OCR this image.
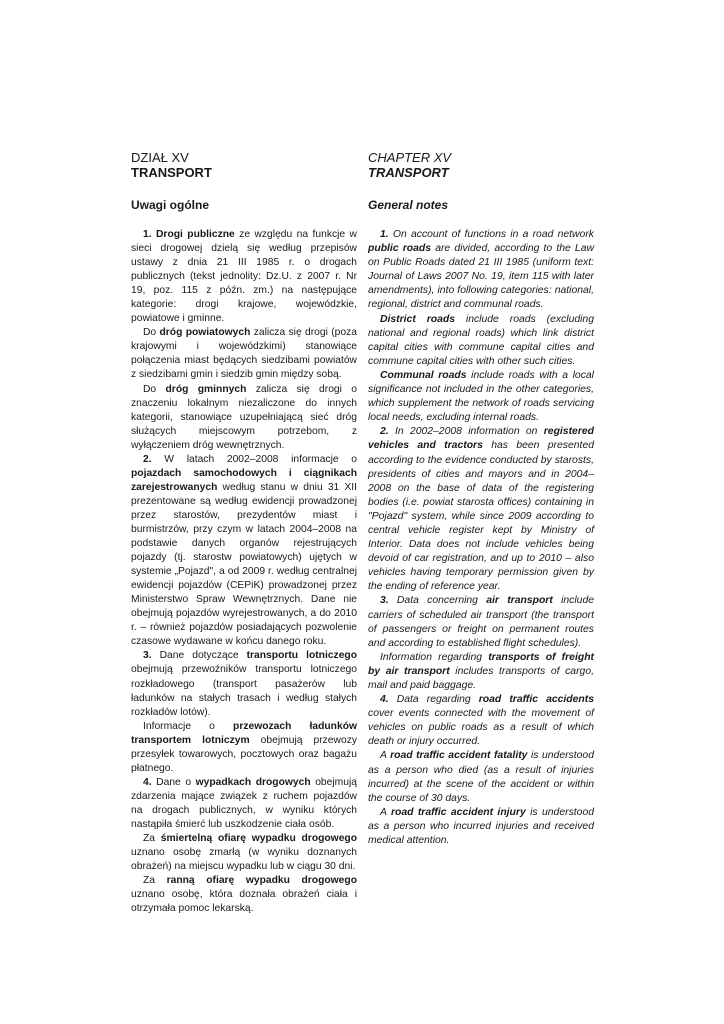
DZIAŁ XV

TRANSPORT

Uwagi ogólne

1. Drogi publiczne ze względu na funkcje w sieci drogowej dzielą się według przepisów ustawy z dnia 21 III 1985 r. o drogach publicznych (tekst jednolity: Dz.U. z 2007 r. Nr 19, poz. 115 z późn. zm.) na następujące kategorie: drogi krajowe, wojewódzkie, powiatowe i gminne.

Do dróg powiatowych zalicza się drogi (poza krajowymi i wojewódzkimi) stanowiące połączenia miast będących siedzibami powiatów z siedzibami gmin i siedzib gmin między sobą.

Do dróg gminnych zalicza się drogi o znaczeniu lokalnym niezaliczone do innych kategorii, stanowiące uzupełniającą sieć dróg służących miejscowym potrzebom, z wyłączeniem dróg wewnętrznych.

2. W latach 2002–2008 informacje o pojazdach samochodowych i ciągnikach zarejestrowanych według stanu w dniu 31 XII prezentowane są według ewidencji prowadzonej przez starostów, prezydentów miast i burmistrzów, przy czym w latach 2004–2008 na podstawie danych organów rejestrujących pojazdy (tj. starostw powiatowych) ujętych w systemie „Pojazd", a od 2009 r. według centralnej ewidencji pojazdów (CEPiK) prowadzonej przez Ministerstwo Spraw Wewnętrznych. Dane nie obejmują pojazdów wyrejestrowanych, a do 2010 r. – również pojazdów posiadających pozwolenie czasowe wydawane w końcu danego roku.

3. Dane dotyczące transportu lotniczego obejmują przewoźników transportu lotniczego rozkładowego (transport pasażerów lub ładunków na stałych trasach i według stałych rozkładów lotów).

Informacje o przewozach ładunków transportem lotniczym obejmują przewozy przesyłek towarowych, pocztowych oraz bagażu płatnego.

4. Dane o wypadkach drogowych obejmują zdarzenia mające związek z ruchem pojazdów na drogach publicznych, w wyniku których nastąpiła śmierć lub uszkodzenie ciała osób.

Za śmiertelną ofiarę wypadku drogowego uznano osobę zmarłą (w wyniku doznanych obrażeń) na miejscu wypadku lub w ciągu 30 dni.

Za ranną ofiarę wypadku drogowego uznano osobę, która doznała obrażeń ciała i otrzymała pomoc lekarską.

CHAPTER XV

TRANSPORT

General notes

1. On account of functions in a road network public roads are divided, according to the Law on Public Roads dated 21 III 1985 (uniform text: Journal of Laws 2007 No. 19, item 115 with later amendments), into following categories: national, regional, district and communal roads.

District roads include roads (excluding national and regional roads) which link district capital cities with commune capital cities and commune capital cities with other such cities.

Communal roads include roads with a local significance not included in the other categories, which supplement the network of roads servicing local needs, excluding internal roads.

2. In 2002–2008 information on registered vehicles and tractors has been presented according to the evidence conducted by starosts, presidents of cities and mayors and in 2004–2008 on the base of data of the registering bodies (i.e. powiat starosta offices) containing in "Pojazd" system, while since 2009 according to central vehicle register kept by Ministry of Interior. Data does not include vehicles being devoid of car registration, and up to 2010 – also vehicles having temporary permission given by the ending of reference year.

3. Data concerning air transport include carriers of scheduled air transport (the transport of passengers or freight on permanent routes and according to established flight schedules).

Information regarding transports of freight by air transport includes transports of cargo, mail and paid baggage.

4. Data regarding road traffic accidents cover events connected with the movement of vehicles on public roads as a result of which death or injury occurred.

A road traffic accident fatality is understood as a person who died (as a result of injuries incurred) at the scene of the accident or within the course of 30 days.

A road traffic accident injury is understood as a person who incurred injuries and received medical attention.
